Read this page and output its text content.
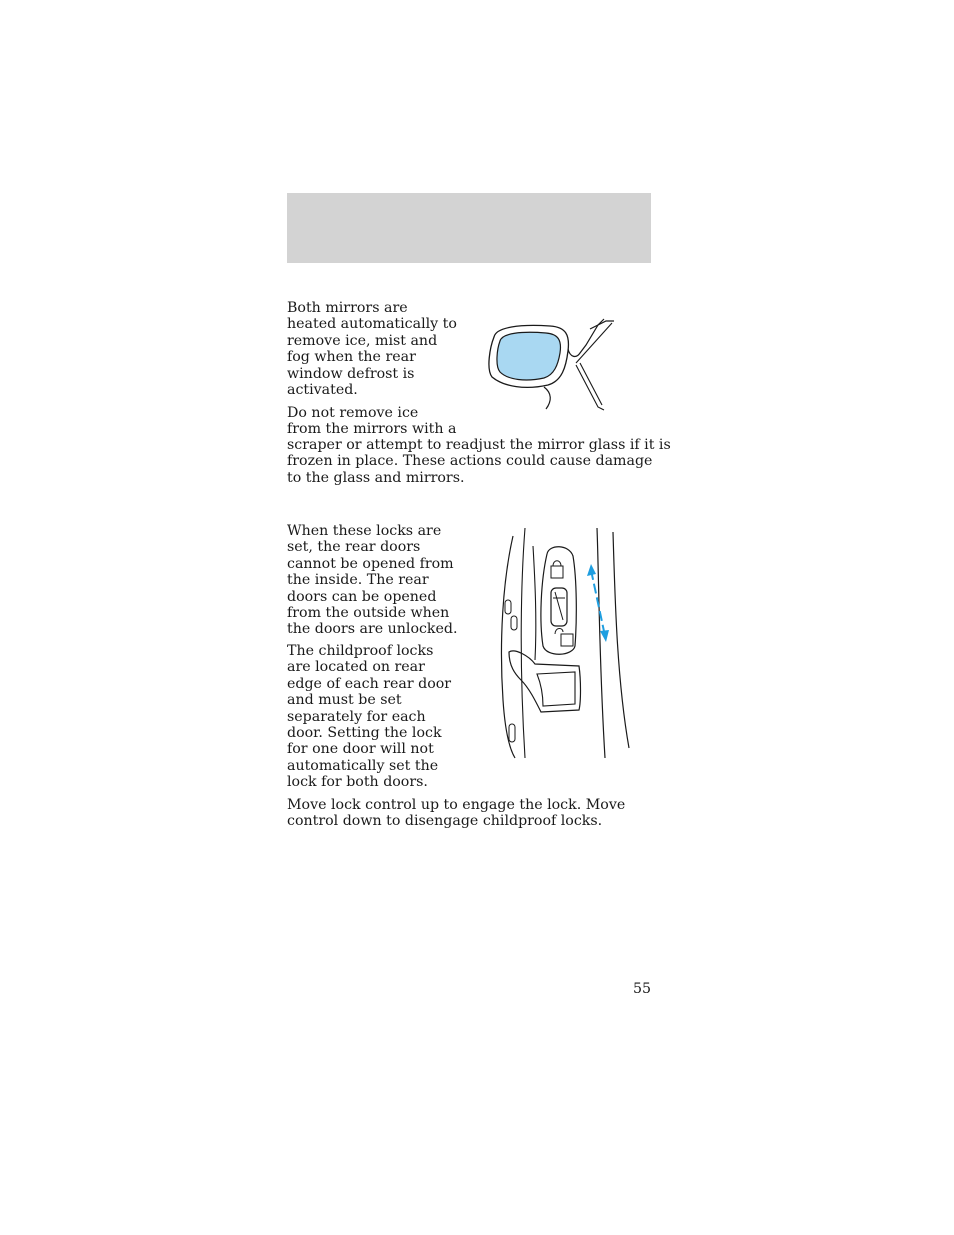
Both mirrors are
heated automatically to
remove ice, mist and
fog when the rear
window defrost is
activated.

Do not remove ice
from the mirrors with a

scraper or attempt to readjust the mirror glass if it is
frozen in place. These actions could cause damage
to the glass and mirrors.

When these locks are
set, the rear doors
cannot be opened from
the inside. The rear
doors can be opened
from the outside when
the doors are unlocked.

The childproof locks
are located on rear
edge of each rear door
and must be set
separately for each
door. Setting the lock
for one door will not
automatically set the
lock for both doors.

Move lock control up to engage the lock. Move
control down to disengage childproof locks.

55
